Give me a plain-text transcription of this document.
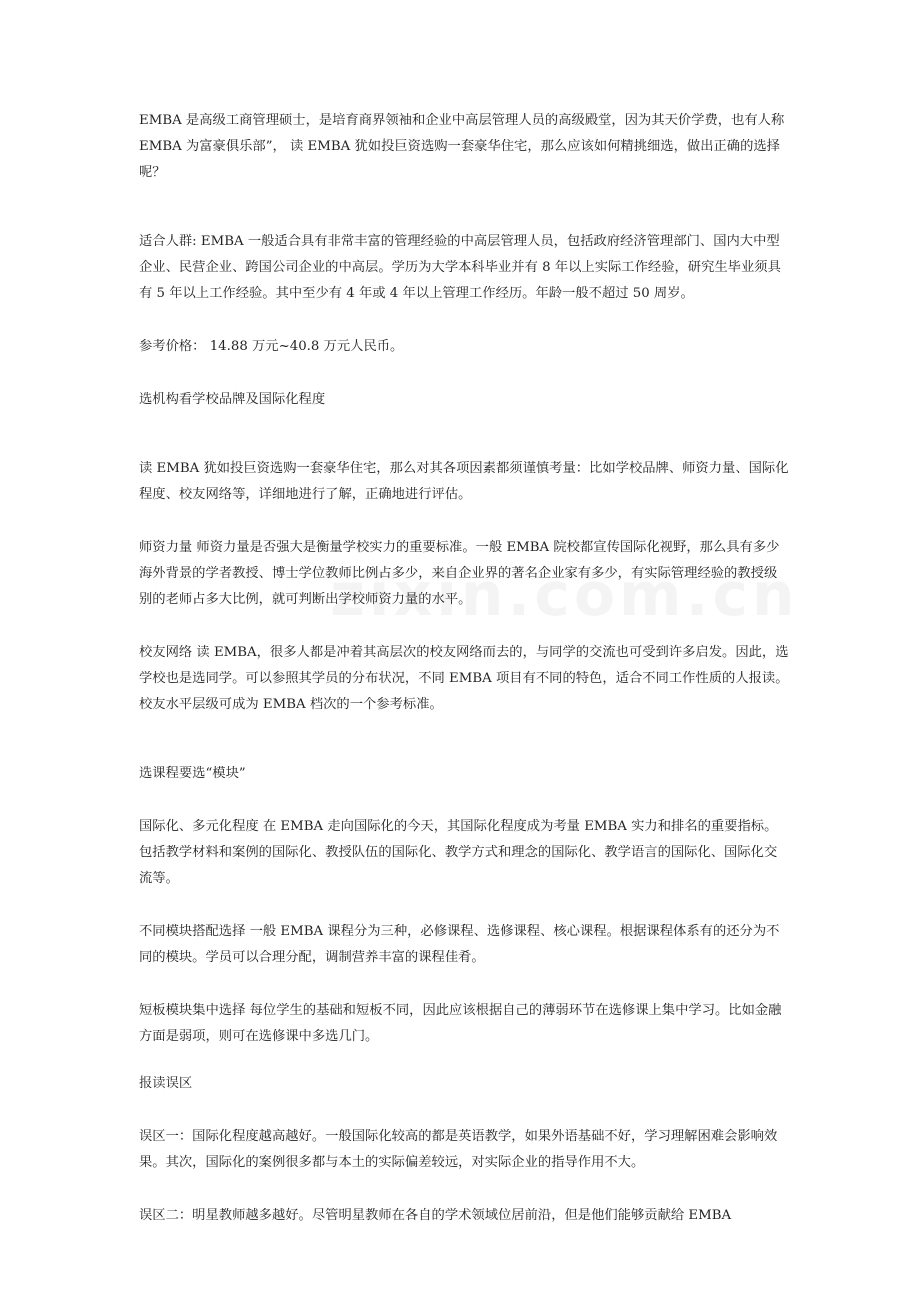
EMBA 是高级工商管理硕士，是培育商界领袖和企业中高层管理人员的高级殿堂，因为其天价学费，也有人称 EMBA 为富豪俱乐部”， 读 EMBA 犹如投巨资选购一套豪华住宅，那么应该如何精挑细选，做出正确的选择呢？

适合人群: EMBA 一般适合具有非常丰富的管理经验的中高层管理人员，包括政府经济管理部门、国内大中型企业、民营企业、跨国公司企业的中高层。学历为大学本科毕业并有 8 年以上实际工作经验，研究生毕业须具有 5 年以上工作经验。其中至少有 4 年或 4 年以上管理工作经历。年龄一般不超过 50 周岁。

参考价格： 14.88 万元~40.8 万元人民币。

选机构看学校品牌及国际化程度

读 EMBA 犹如投巨资选购一套豪华住宅，那么对其各项因素都须谨慎考量：比如学校品牌、师资力量、国际化程度、校友网络等，详细地进行了解，正确地进行评估。

师资力量 师资力量是否强大是衡量学校实力的重要标准。一般 EMBA 院校都宣传国际化视野，那么具有多少海外背景的学者教授、博士学位教师比例占多少，来自企业界的著名企业家有多少，有实际管理经验的教授级别的老师占多大比例，就可判断出学校师资力量的水平。

校友网络 读 EMBA，很多人都是冲着其高层次的校友网络而去的，与同学的交流也可受到许多启发。因此，选学校也是选同学。可以参照其学员的分布状况，不同 EMBA 项目有不同的特色，适合不同工作性质的人报读。校友水平层级可成为 EMBA 档次的一个参考标准。

选课程要选“模块”

国际化、多元化程度 在 EMBA 走向国际化的今天，其国际化程度成为考量 EMBA 实力和排名的重要指标。包括教学材料和案例的国际化、教授队伍的国际化、教学方式和理念的国际化、教学语言的国际化、国际化交流等。

不同模块搭配选择 一般 EMBA 课程分为三种，必修课程、选修课程、核心课程。根据课程体系有的还分为不同的模块。学员可以合理分配，调制营养丰富的课程佳肴。

短板模块集中选择 每位学生的基础和短板不同，因此应该根据自己的薄弱环节在选修课上集中学习。比如金融方面是弱项，则可在选修课中多选几门。

报读误区

误区一：国际化程度越高越好。一般国际化较高的都是英语教学，如果外语基础不好，学习理解困难会影响效果。其次，国际化的案例很多都与本土的实际偏差较远，对实际企业的指导作用不大。

误区二：明星教师越多越好。尽管明星教师在各自的学术领域位居前沿，但是他们能够贡献给 EMBA
